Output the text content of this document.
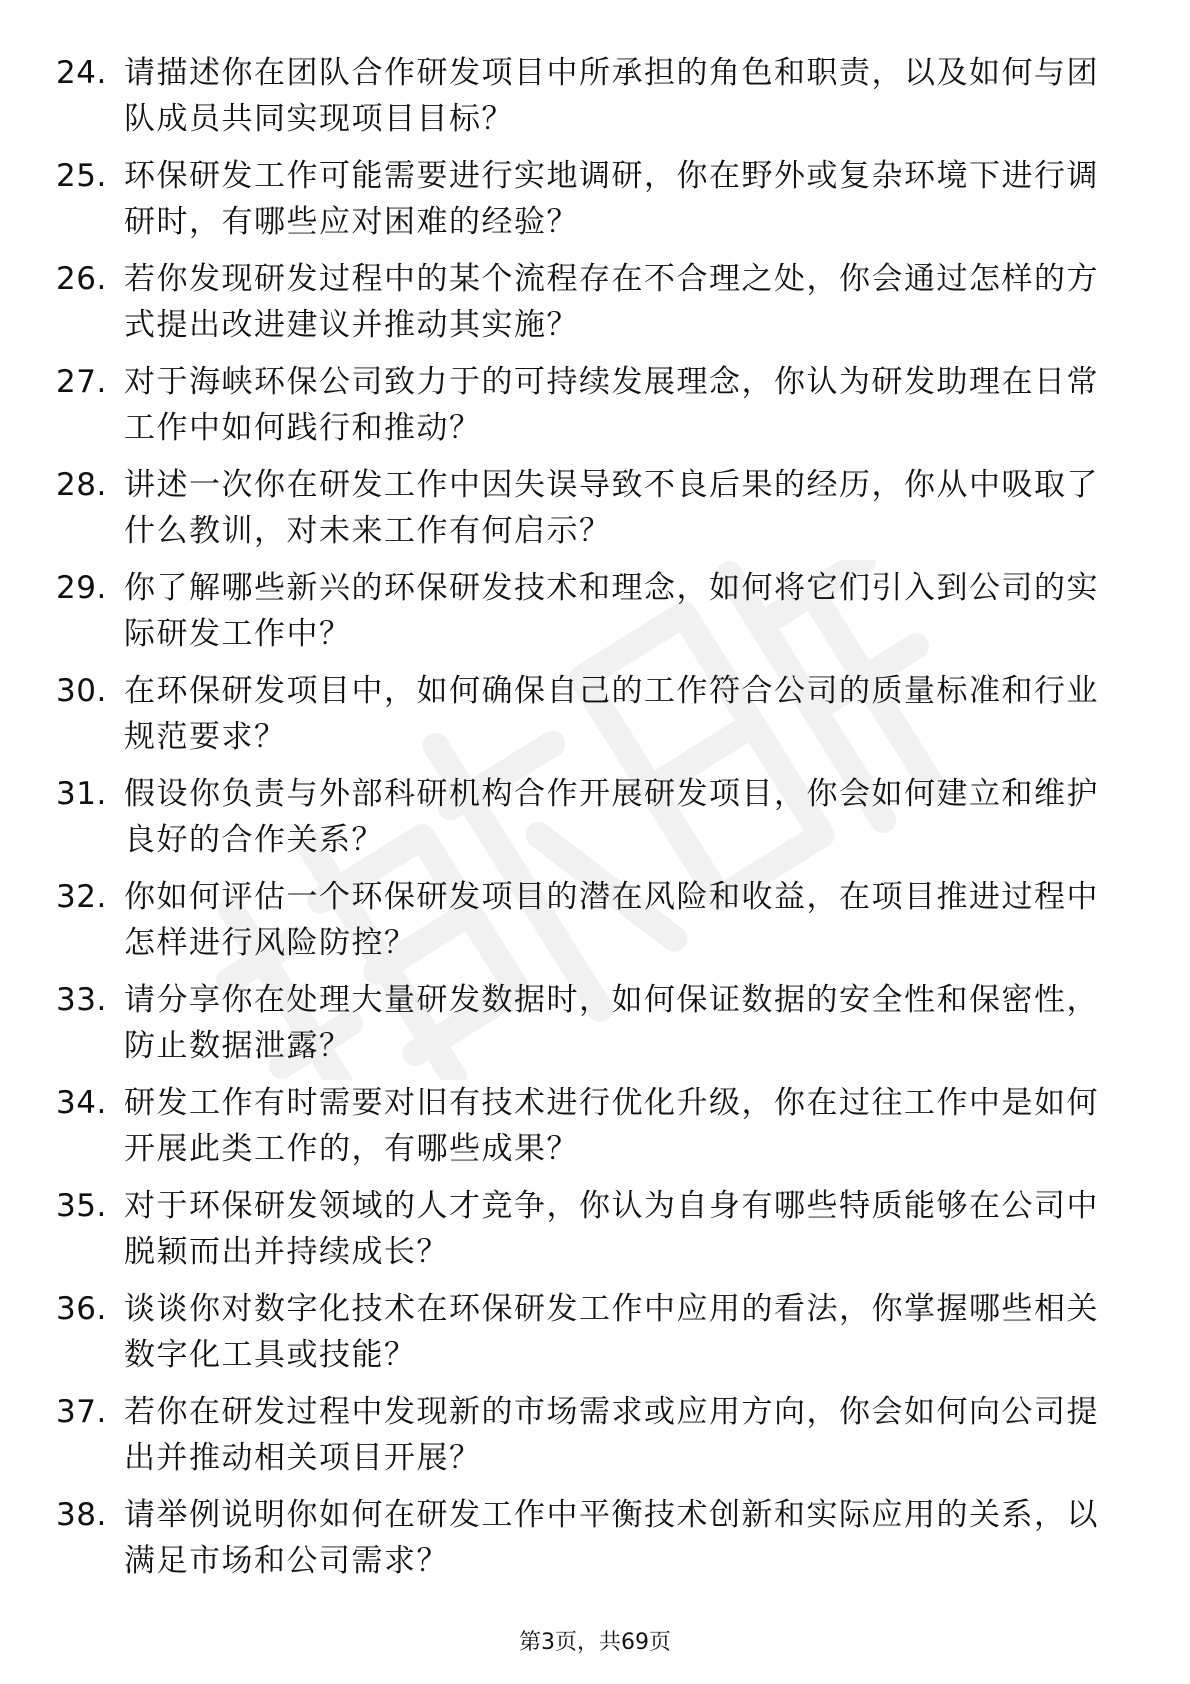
24. 请描述你在团队合作研发项目中所承担的角色和职责，以及如何与团队成员共同实现项目目标？
25. 环保研发工作可能需要进行实地调研，你在野外或复杂环境下进行调研时，有哪些应对困难的经验？
26. 若你发现研发过程中的某个流程存在不合理之处，你会通过怎样的方式提出改进建议并推动其实施？
27. 对于海峡环保公司致力于的可持续发展理念，你认为研发助理在日常工作中如何践行和推动？
28. 讲述一次你在研发工作中因失误导致不良后果的经历，你从中吸取了什么教训，对未来工作有何启示？
29. 你了解哪些新兴的环保研发技术和理念，如何将它们引入到公司的实际研发工作中？
30. 在环保研发项目中，如何确保自己的工作符合公司的质量标准和行业规范要求？
31. 假设你负责与外部科研机构合作开展研发项目，你会如何建立和维护良好的合作关系？
32. 你如何评估一个环保研发项目的潜在风险和收益，在项目推进过程中怎样进行风险防控？
33. 请分享你在处理大量研发数据时，如何保证数据的安全性和保密性，防止数据泄露？
34. 研发工作有时需要对旧有技术进行优化升级，你在过往工作中是如何开展此类工作的，有哪些成果？
35. 对于环保研发领域的人才竞争，你认为自身有哪些特质能够在公司中脱颖而出并持续成长？
36. 谈谈你对数字化技术在环保研发工作中应用的看法，你掌握哪些相关数字化工具或技能？
37. 若你在研发过程中发现新的市场需求或应用方向，你会如何向公司提出并推动相关项目开展？
38. 请举例说明你如何在研发工作中平衡技术创新和实际应用的关系，以满足市场和公司需求？
第3页，共69页
